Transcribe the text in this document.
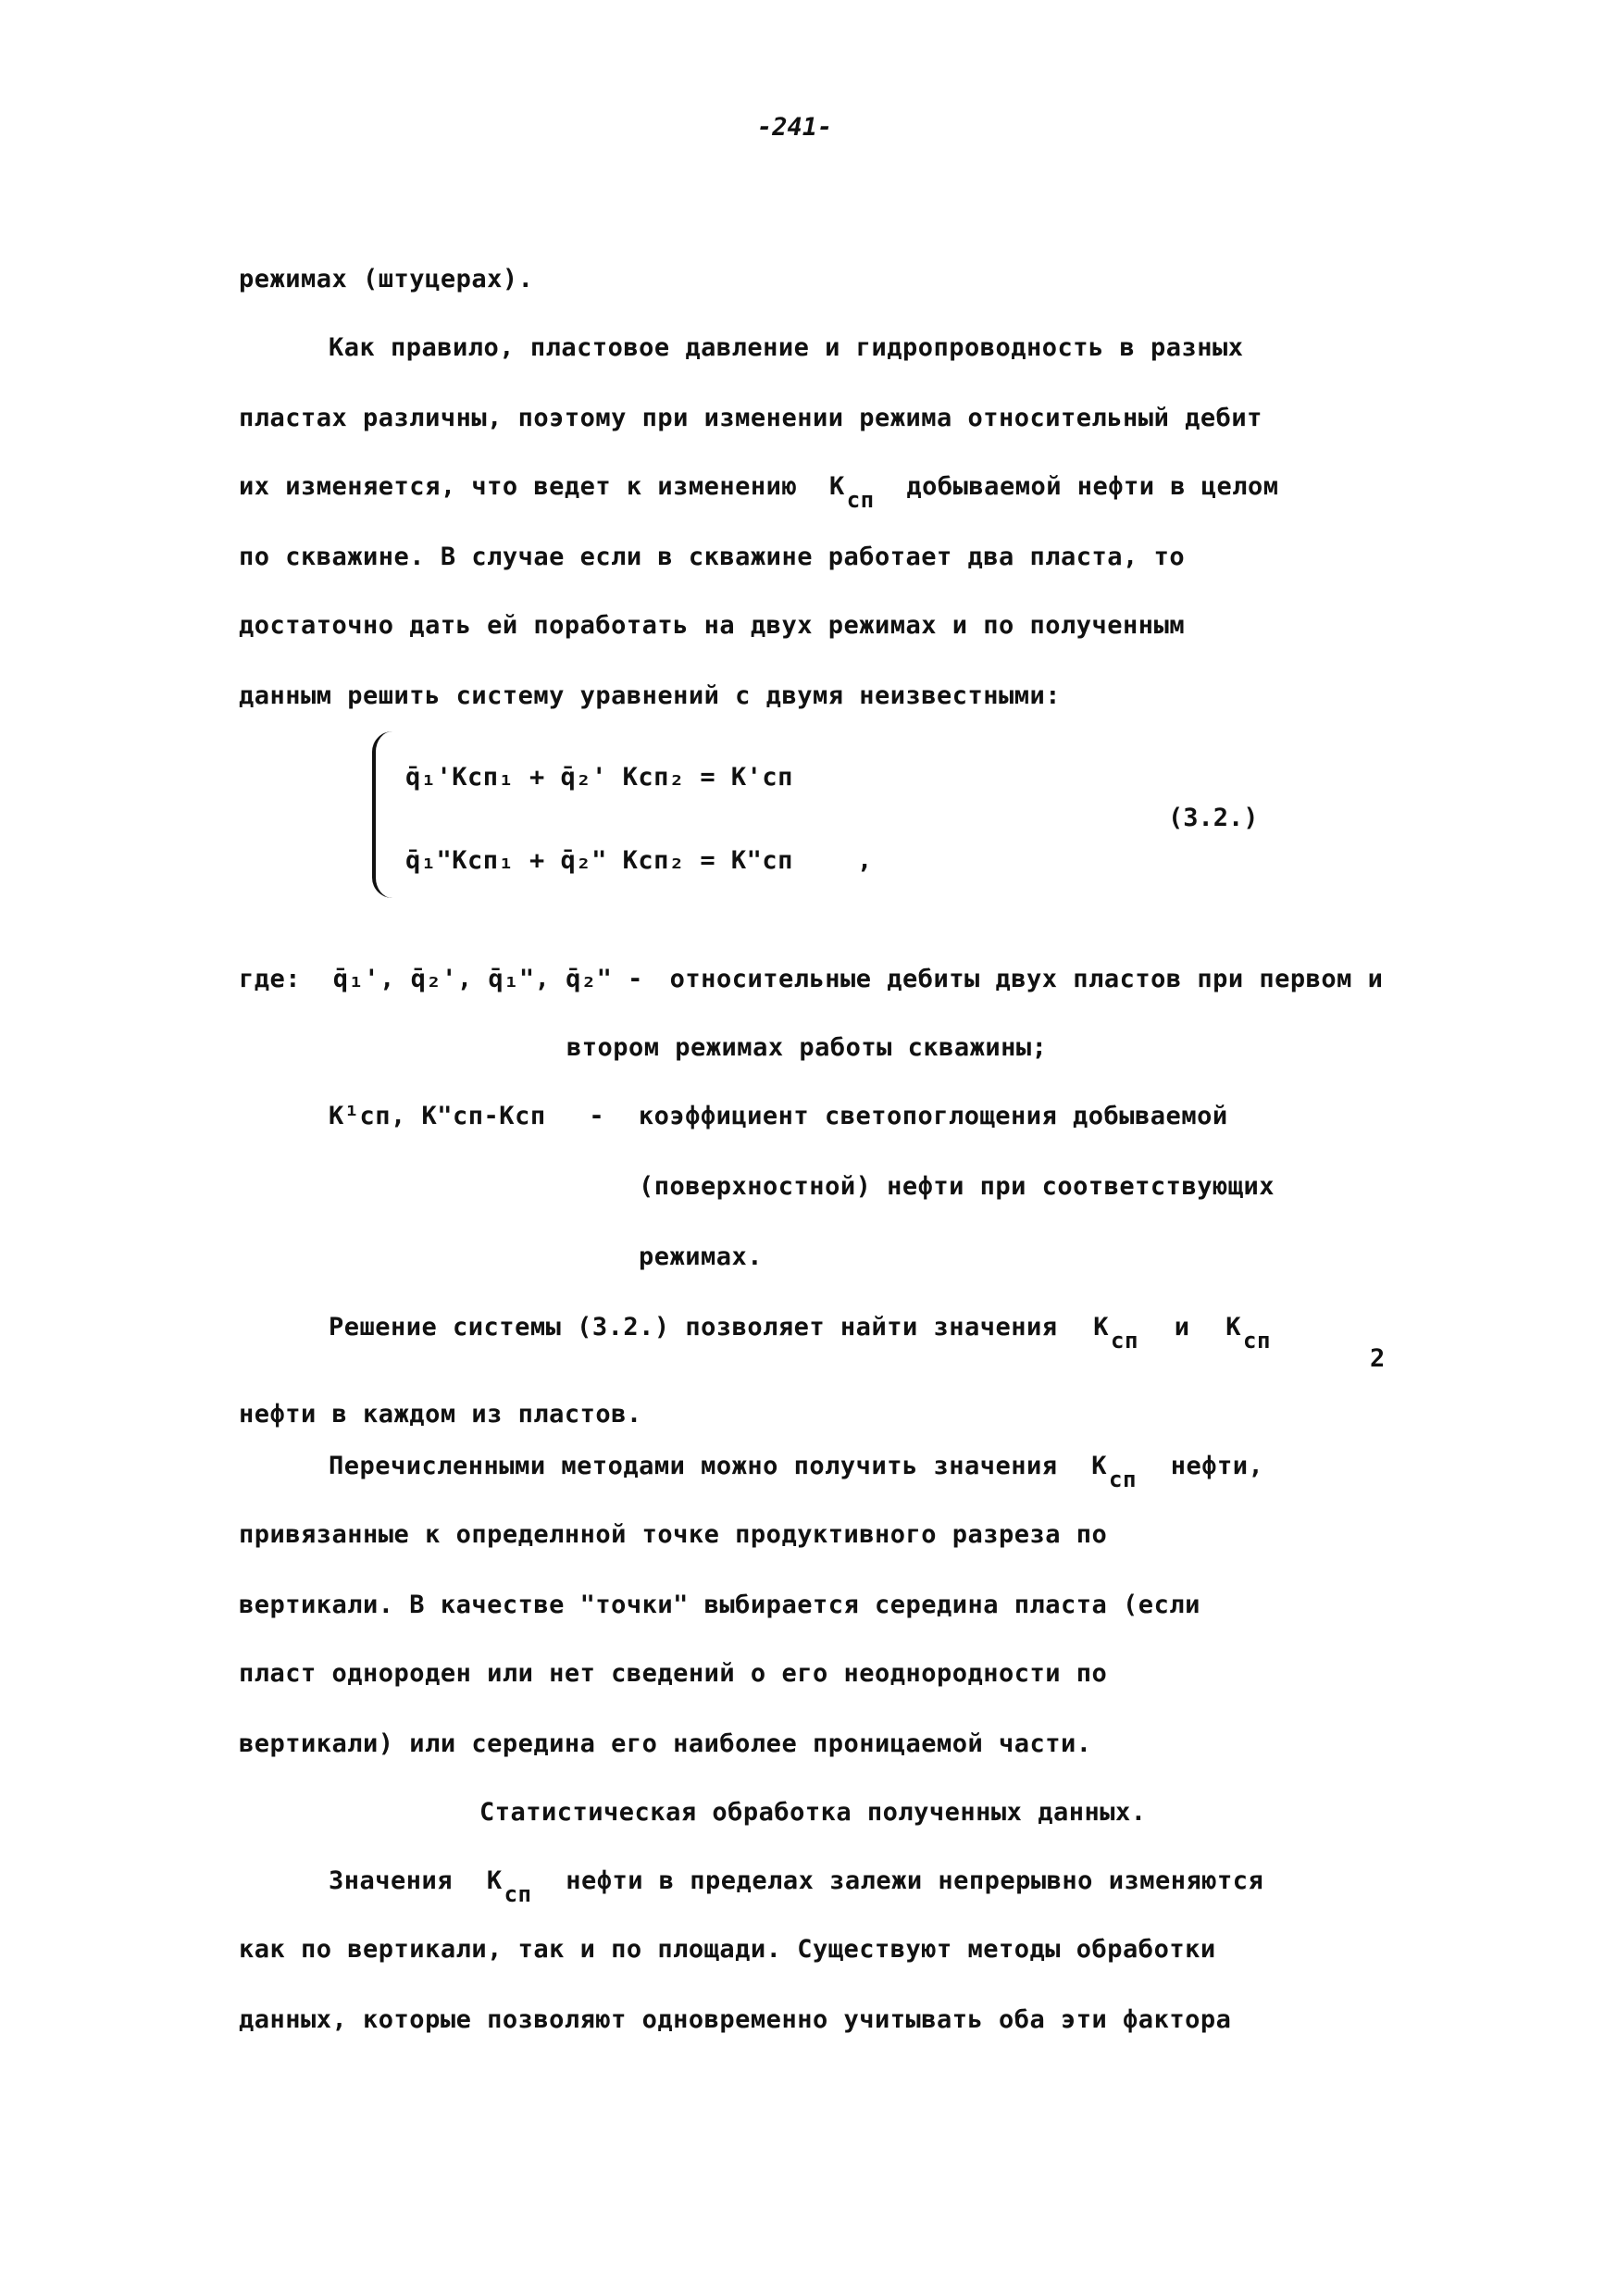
-241-
режимах (штуцерах).
Как правило, пластовое давление и гидропроводность в разных
пластах различны, поэтому при изменении режима относительный дебит
их изменяется, что ведет к изменению Kсп добываемой нефти в целом
по скважине. В случае если в скважине работает два пласта, то
достаточно дать ей поработать на двух режимах и по полученным
данным решить систему уравнений с двумя неизвестными:
q̄₁'Kсп₁ + q̄₂' Kсп₂ = K'сп
q̄₁"Kсп₁ + q̄₂" Kсп₂ = K"сп
(3.2.)
,
где: q̄₁', q̄₂', q̄₁", q̄₂" - относительные дебиты двух пластов при первом и
втором режимах работы скважины;
K¹сп, K"сп-Kсп - коэффициент светопоглощения добываемой
(поверхностной) нефти при соответствующих
режимах.
Решение системы (3.2.) позволяет найти значения Kсп и Kсп
2
нефти в каждом из пластов.
Перечисленными методами можно получить значения Kсп нефти,
привязанные к определнной точке продуктивного разреза по
вертикали. В качестве "точки" выбирается середина пласта (если
пласт однороден или нет сведений о его неоднородности по
вертикали) или середина его наиболее проницаемой части.
Статистическая обработка полученных данных.
Значения Kсп нефти в пределах залежи непрерывно изменяются
как по вертикали, так и по площади. Существуют методы обработки
данных, которые позволяют одновременно учитывать оба эти фактора
